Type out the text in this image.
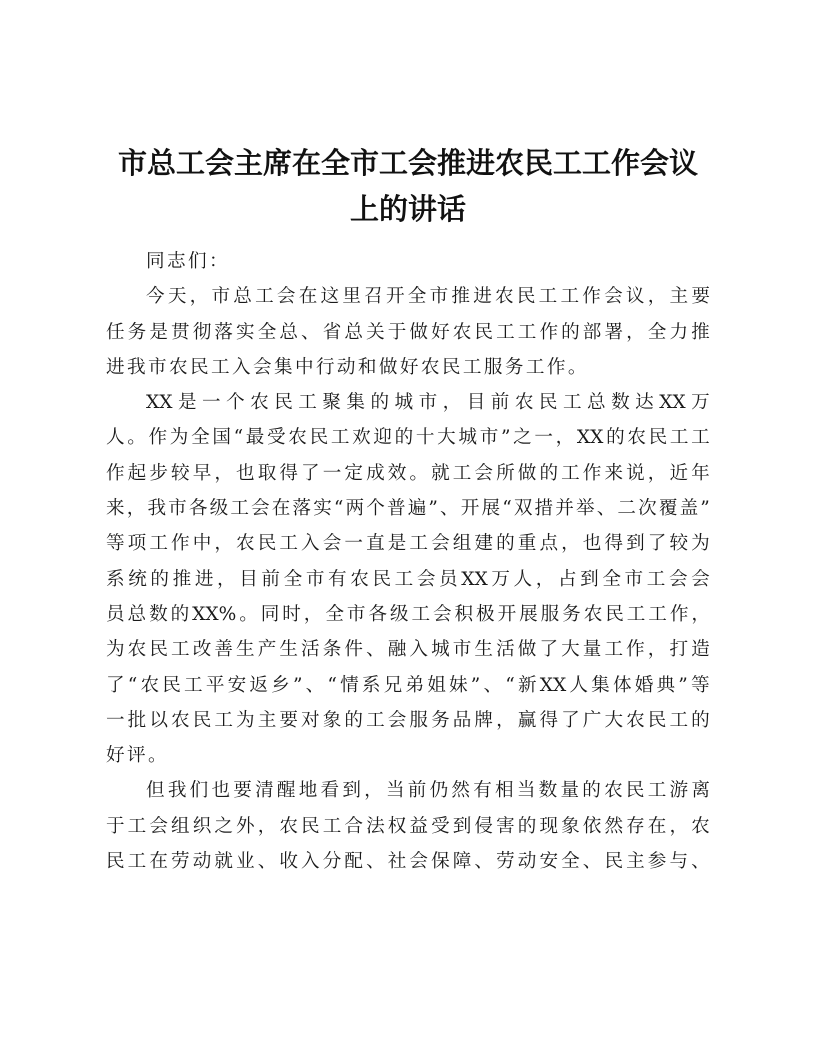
市总工会主席在全市工会推进农民工工作会议
上的讲话
同志们：
今 天 ， 市 总 工 会 在 这 里 召 开 全 市 推 进 农 民 工 工 作 会 议 ， 主 要
任 务 是 贯 彻 落 实 全 总 、 省 总 关 于 做 好 农 民 工 工 作 的 部 署 ， 全 力 推
进我市农民工入会集中行动和做好农民工服务工作。
XX 是 一 个 农 民 工 聚 集 的 城 市 ， 目 前 农 民 工 总 数 达 XX 万
人 。 作 为 全 国 “ 最 受 农 民 工 欢 迎 的 十 大 城 市 ” 之 一 ， XX 的 农 民 工 工
作 起 步 较 早 ， 也 取 得 了 一 定 成 效 。 就 工 会 所 做 的 工 作 来 说 ， 近 年
来 ， 我 市 各 级 工 会 在 落 实 “ 两 个 普 遍 ” 、 开 展 “ 双 措 并 举 、 二 次 覆 盖 ”
等 项 工 作 中 ， 农 民 工 入 会 一 直 是 工 会 组 建 的 重 点 ， 也 得 到 了 较 为
系 统 的 推 进 ， 目 前 全 市 有 农 民 工 会 员 XX 万 人 ， 占 到 全 市 工 会 会
员 总 数 的 XX% 。 同 时 ， 全 市 各 级 工 会 积 极 开 展 服 务 农 民 工 工 作 ，
为 农 民 工 改 善 生 产 生 活 条 件 、 融 入 城 市 生 活 做 了 大 量 工 作 ， 打 造
了 “ 农 民 工 平 安 返 乡 ” 、 “ 情 系 兄 弟 姐 妹 ” 、 “ 新 XX 人 集 体 婚 典 ” 等
一 批 以 农 民 工 为 主 要 对 象 的 工 会 服 务 品 牌 ， 赢 得 了 广 大 农 民 工 的
好评。
但 我 们 也 要 清 醒 地 看 到 ， 当 前 仍 然 有 相 当 数 量 的 农 民 工 游 离
于 工 会 组 织 之 外 ， 农 民 工 合 法 权 益 受 到 侵 害 的 现 象 依 然 存 在 ， 农
民 工 在 劳 动 就 业 、 收 入 分 配 、 社 会 保 障 、 劳 动 安 全 、 民 主 参 与 、
